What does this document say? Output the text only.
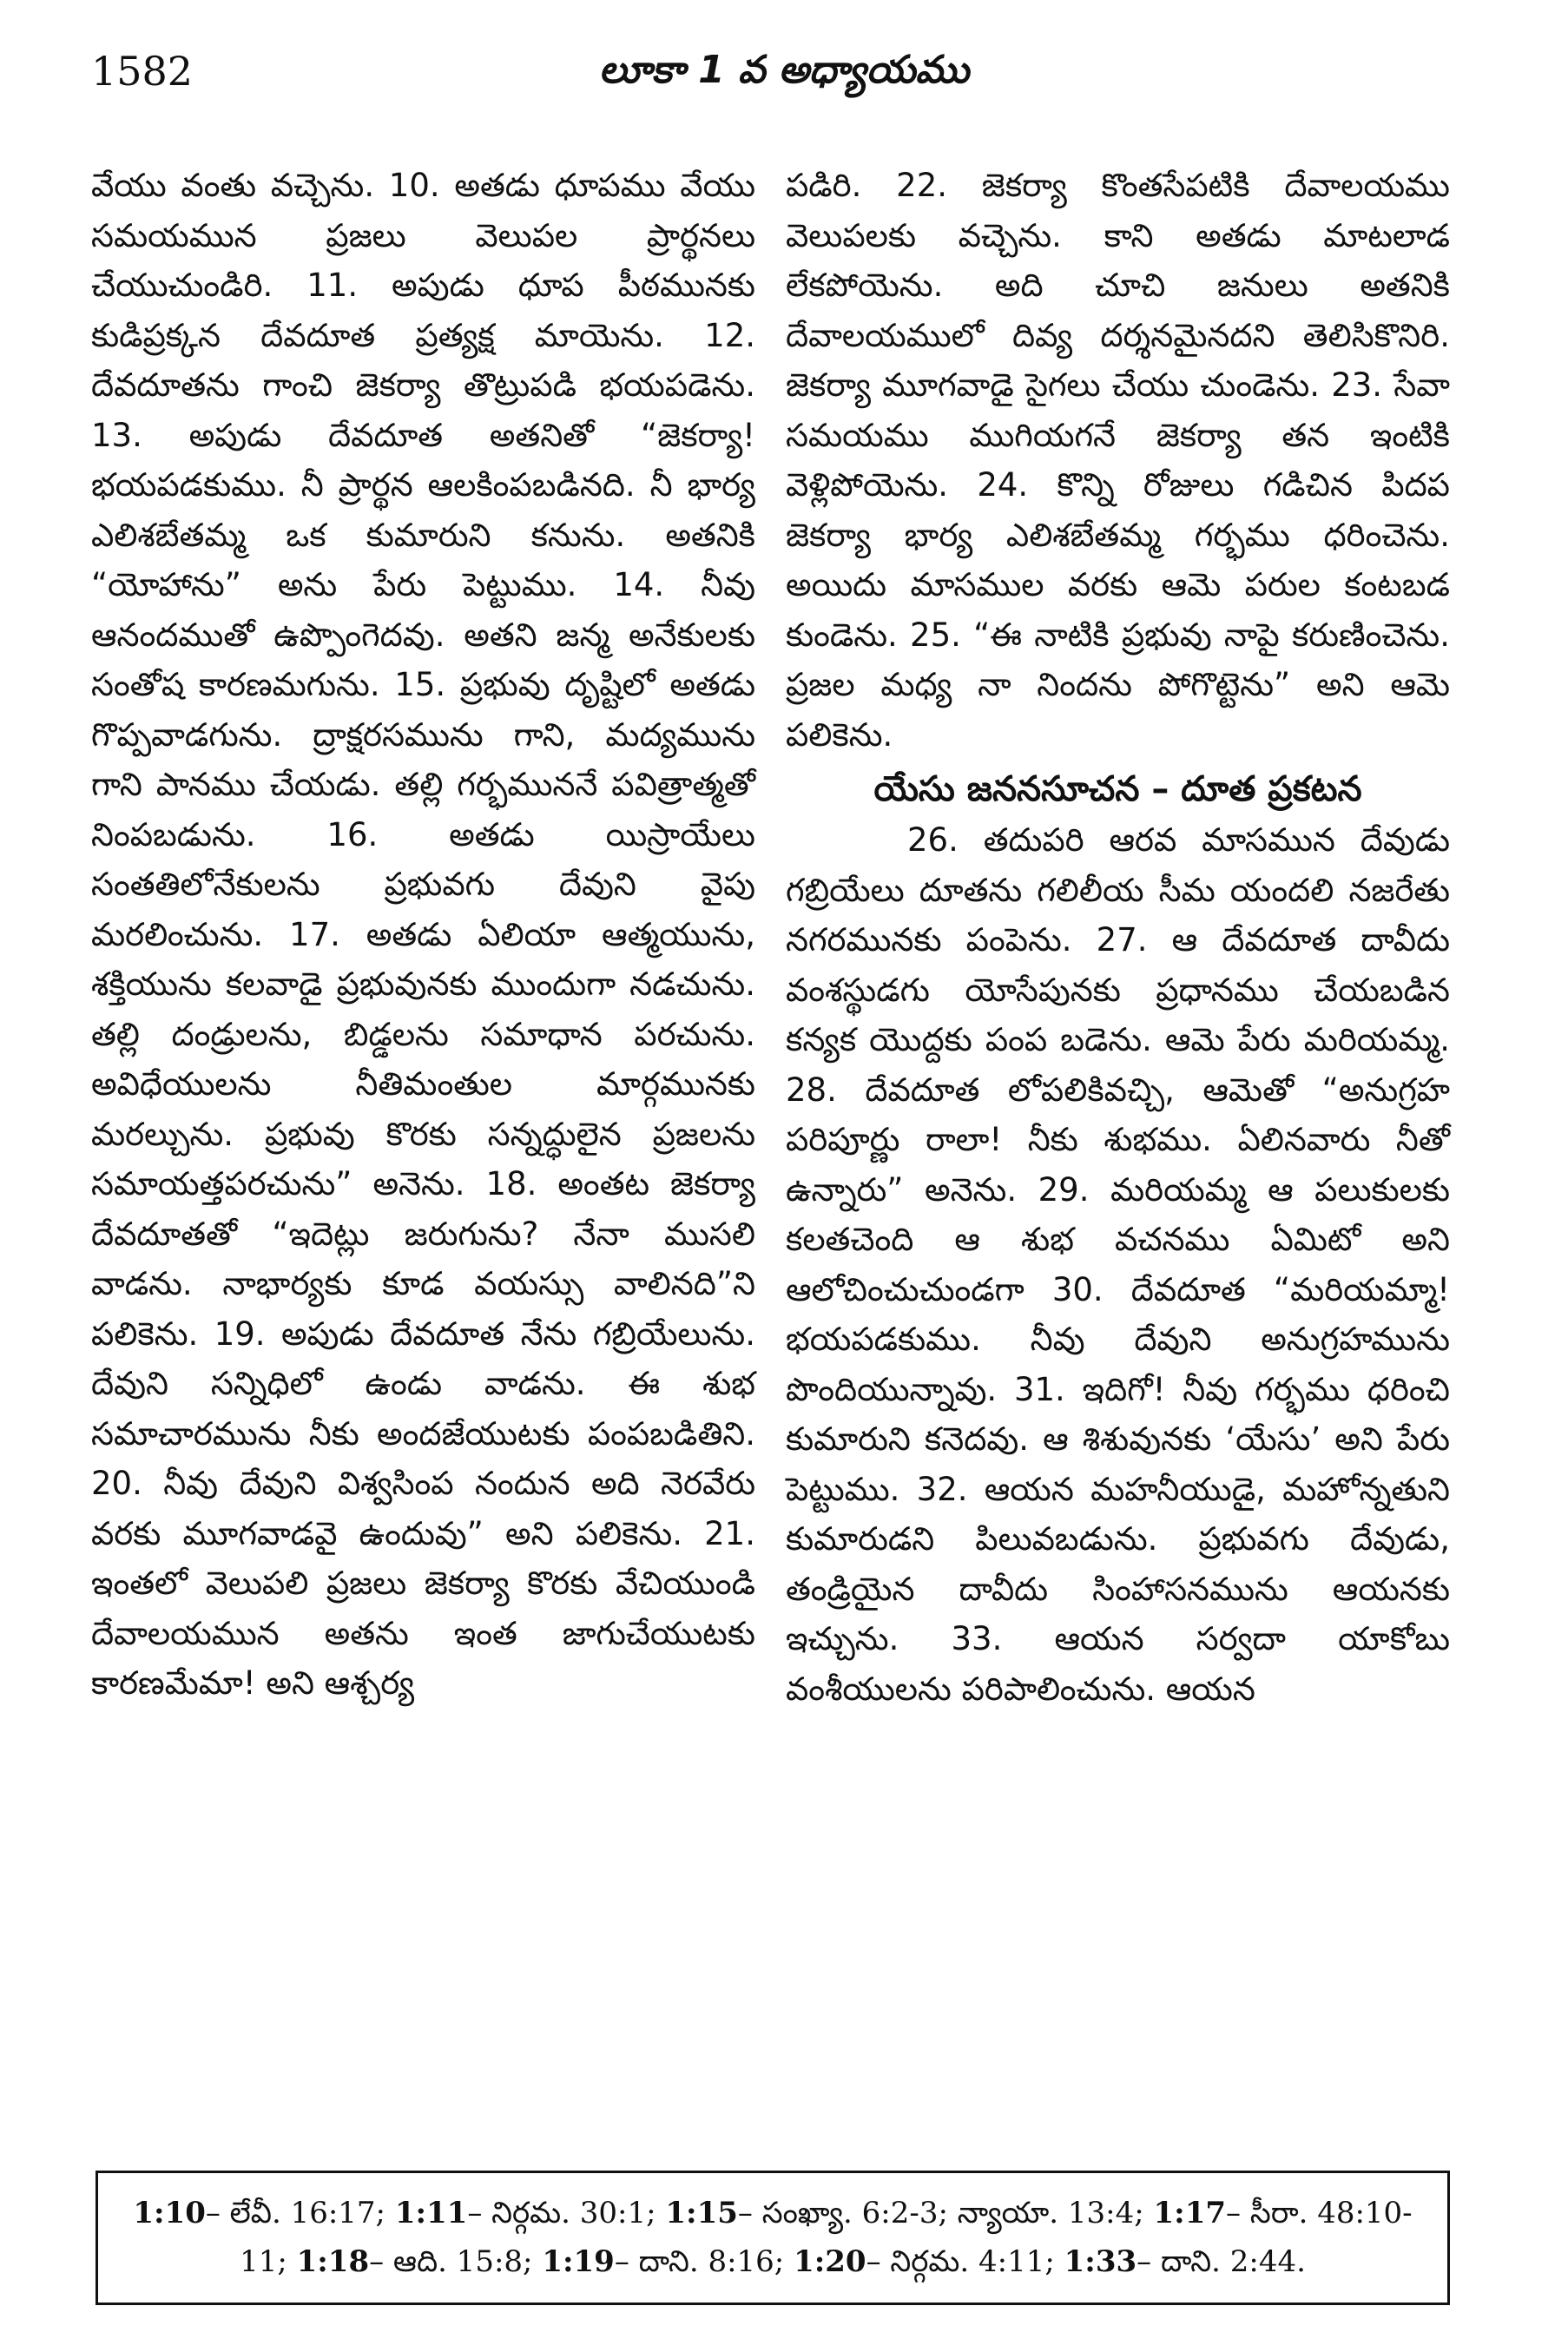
1582	లూకా 1 వ అధ్యాయము

వేయు వంతు వచ్చెను. 10. అతడు ధూపము వేయు సమయమున ప్రజలు వెలుపల ప్రార్థనలు చేయుచుండిరి. 11. అపుడు ధూప పీఠమునకు కుడిప్రక్కన దేవదూత ప్రత్యక్ష మాయెను. 12. దేవదూతను గాంచి జెకర్యా తొట్రుపడి భయపడెను. 13. అపుడు దేవదూత అతనితో “జెకర్యా! భయపడకుము. నీ ప్రార్థన ఆలకింపబడినది. నీ భార్య ఎలిశబేతమ్మ ఒక కుమారుని కనును. అతనికి “యోహాను” అను పేరు పెట్టుము. 14. నీవు ఆనందముతో ఉప్పొంగెదవు. అతని జన్మ అనేకులకు సంతోష కారణమగును. 15. ప్రభువు దృష్టిలో అతడు గొప్పవాడగును. ద్రాక్షరసమును గాని, మద్యమును గాని పానము చేయడు. తల్లి గర్భముననే పవిత్రాత్మతో నింపబడును. 16. అతడు యిస్రాయేలు సంతతిలోనేకులను ప్రభువగు దేవుని వైపు మరలించును. 17. అతడు ఏలియా ఆత్మయును, శక్తియును కలవాడై ప్రభువునకు ముందుగా నడచును. తల్లి దండ్రులను, బిడ్డలను సమాధాన పరచును. అవిధేయులను నీతిమంతుల మార్గమునకు మరల్చును. ప్రభువు కొరకు సన్నద్ధులైన ప్రజలను సమాయత్తపరచును” అనెను. 18. అంతట జెకర్యా దేవదూతతో “ఇదెట్లు జరుగును? నేనా ముసలి వాడను. నాభార్యకు కూడ వయస్సు వాలినది”ని పలికెను. 19. అపుడు దేవదూత నేను గబ్రియేలును. దేవుని సన్నిధిలో ఉండు వాడను. ఈ శుభ సమాచారమును నీకు అందజేయుటకు పంపబడితిని. 20. నీవు దేవుని విశ్వసింప నందున అది నెరవేరు వరకు మూగవాడవై ఉందువు” అని పలికెను. 21. ఇంతలో వెలుపలి ప్రజలు జెకర్యా కొరకు వేచియుండి దేవాలయమున అతను ఇంత జాగుచేయుటకు కారణమేమా! అని ఆశ్చర్య

పడిరి. 22. జెకర్యా కొంతసేపటికి దేవాలయము వెలుపలకు వచ్చెను. కాని అతడు మాటలాడ లేకపోయెను. అది చూచి జనులు అతనికి దేవాలయములో దివ్య దర్శనమైనదని తెలిసికొనిరి. జెకర్యా మూగవాడై సైగలు చేయు చుండెను. 23. సేవా సమయము ముగియగనే జెకర్యా తన ఇంటికి వెళ్లిపోయెను. 24. కొన్ని రోజులు గడిచిన పిదప జెకర్యా భార్య ఎలిశబేతమ్మ గర్భము ధరించెను. అయిదు మాసముల వరకు ఆమె పరుల కంటబడ కుండెను. 25. “ఈ నాటికి ప్రభువు నాపై కరుణించెను. ప్రజల మధ్య నా నిందను పోగొట్టెను” అని ఆమె పలికెను.

యేసు జననసూచన – దూత ప్రకటన

26. తదుపరి ఆరవ మాసమున దేవుడు గబ్రియేలు దూతను గలిలీయ సీమ యందలి నజరేతు నగరమునకు పంపెను. 27. ఆ దేవదూత దావీదు వంశస్థుడగు యోసేపునకు ప్రధానము చేయబడిన కన్యక యొద్దకు పంప బడెను. ఆమె పేరు మరియమ్మ. 28. దేవదూత లోపలికివచ్చి, ఆమెతో “అనుగ్రహ పరిపూర్ణు రాలా! నీకు శుభము. ఏలినవారు నీతో ఉన్నారు” అనెను. 29. మరియమ్మ ఆ పలుకులకు కలతచెంది ఆ శుభ వచనము ఏమిటో అని ఆలోచించుచుండగా 30. దేవదూత “మరియమ్మా! భయపడకుము. నీవు దేవుని అనుగ్రహమును పొందియున్నావు. 31. ఇదిగో! నీవు గర్భము ధరించి కుమారుని కనెదవు. ఆ శిశువునకు ‘యేసు’ అని పేరు పెట్టుము. 32. ఆయన మహనీయుడై, మహోన్నతుని కుమారుడని పిలువబడును. ప్రభువగు దేవుడు, తండ్రియైన దావీదు సింహాసనమును ఆయనకు ఇచ్చును. 33. ఆయన సర్వదా యాకోబు వంశీయులను పరిపాలించును. ఆయన

1:10– లేవీ. 16:17; 1:11– నిర్గమ. 30:1; 1:15– సంఖ్యా. 6:2-3; న్యాయా. 13:4; 1:17– సీరా. 48:10-11; 1:18– ఆది. 15:8; 1:19– దాని. 8:16; 1:20– నిర్గమ. 4:11; 1:33– దాని. 2:44.
